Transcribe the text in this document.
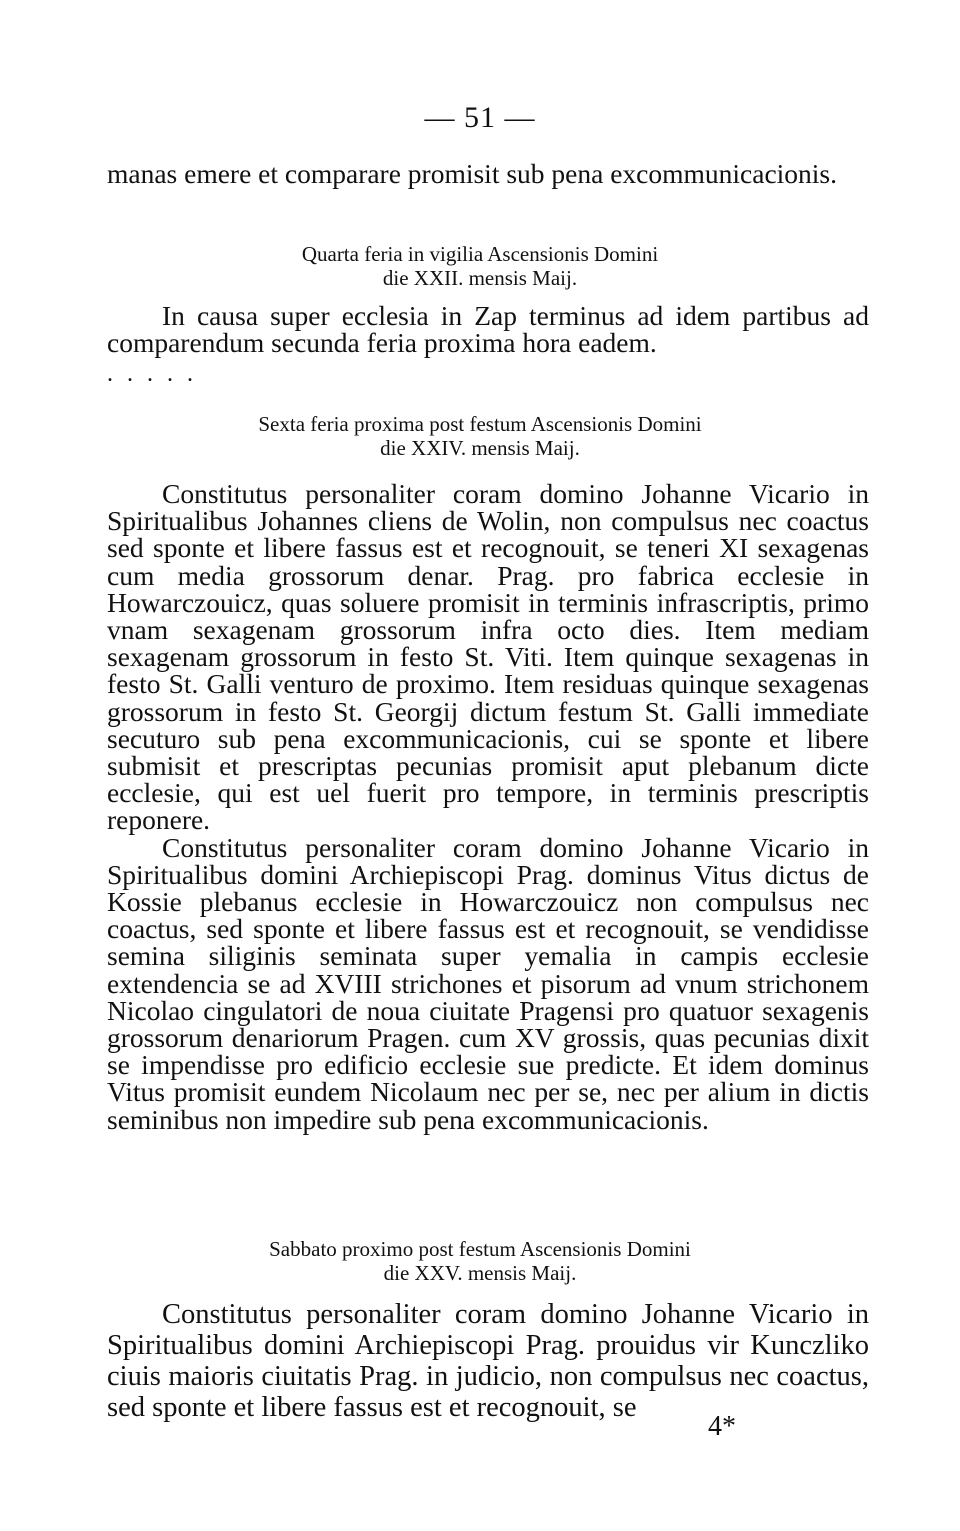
— 51 —

manas emere et comparare promisit sub pena excommunicacionis.

Quarta feria in vigilia Ascensionis Domini
die XXII. mensis Maij.

In causa super ecclesia in Zap terminus ad idem partibus ad comparendum secunda feria proxima hora eadem.

.....
Sexta feria proxima post festum Ascensionis Domini
die XXIV. mensis Maij.

Constitutus personaliter coram domino Johanne Vicario in Spiritualibus Johannes cliens de Wolin, non compulsus nec coactus sed sponte et libere fassus est et recognouit, se teneri XI sexagenas cum media grossorum denar. Prag. pro fabrica ecclesie in Howarczouicz, quas soluere promisit in terminis infrascriptis, primo vnam sexagenam grossorum infra octo dies. Item mediam sexagenam grossorum in festo St. Viti. Item quinque sexagenas in festo St. Galli venturo de proximo. Item residuas quinque sexagenas grossorum in festo St. Georgij dictum festum St. Galli immediate secuturo sub pena excommunicacionis, cui se sponte et libere submisit et prescriptas pecunias promisit aput plebanum dicte ecclesie, qui est uel fuerit pro tempore, in terminis prescriptis reponere.

Constitutus personaliter coram domino Johanne Vicario in Spiritualibus domini Archiepiscopi Prag. dominus Vitus dictus de Kossie plebanus ecclesie in Howarczouicz non compulsus nec coactus, sed sponte et libere fassus est et recognouit, se vendidisse semina siliginis seminata super yemalia in campis ecclesie extendencia se ad XVIII strichones et pisorum ad vnum strichonem Nicolao cingulatori de noua ciuitate Pragensi pro quatuor sexagenis grossorum denariorum Pragen. cum XV grossis, quas pecunias dixit se impendisse pro edificio ecclesie sue predicte. Et idem dominus Vitus promisit eundem Nicolaum nec per se, nec per alium in dictis seminibus non impedire sub pena excommunicacionis.

Sabbato proximo post festum Ascensionis Domini
die XXV. mensis Maij.

Constitutus personaliter coram domino Johanne Vicario in Spiritualibus domini Archiepiscopi Prag. prouidus vir Kunczliko ciuis maioris ciuitatis Prag. in judicio, non compulsus nec coactus, sed sponte et libere fassus est et recognouit, se

4*
